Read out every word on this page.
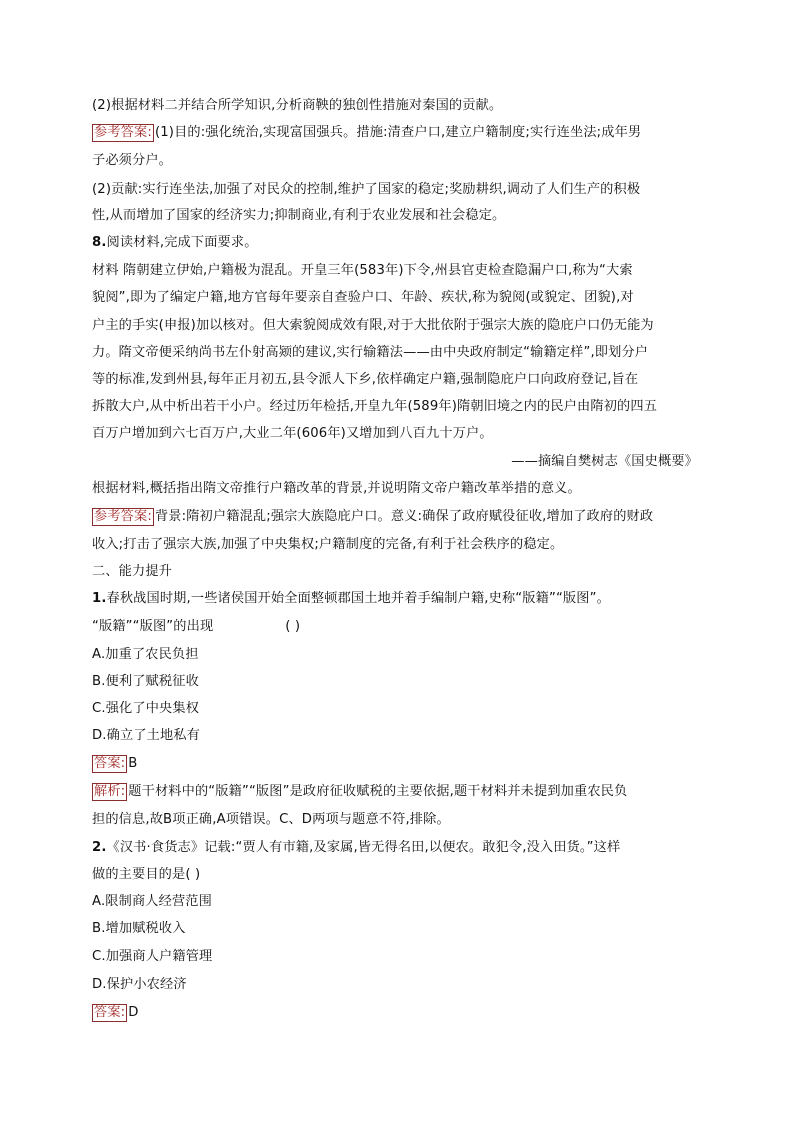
(2)根据材料二并结合所学知识,分析商鞅的独创性措施对秦国的贡献。
参考答案: (1)目的:强化统治,实现富国强兵。措施:清查户口,建立户籍制度;实行连坐法;成年男
子必须分户。
(2)贡献:实行连坐法,加强了对民众的控制,维护了国家的稳定;奖励耕织,调动了人们生产的积极
性,从而增加了国家的经济实力;抑制商业,有利于农业发展和社会稳定。
8.阅读材料,完成下面要求。
材料 隋朝建立伊始,户籍极为混乱。开皇三年(583年)下令,州县官吏检查隐漏户口,称为“大索
貌阅”,即为了编定户籍,地方官每年要亲自查验户口、年龄、疾状,称为貌阅(或貌定、团貌),对
户主的手实(申报)加以核对。但大索貌阅成效有限,对于大批依附于强宗大族的隐庇户口仍无能为
力。隋文帝便采纳尚书左仆射高颎的建议,实行输籍法——由中央政府制定“输籍定样”,即划分户
等的标准,发到州县,每年正月初五,县令派人下乡,依样确定户籍,强制隐庇户口向政府登记,旨在
拆散大户,从中析出若干小户。经过历年检括,开皇九年(589年)隋朝旧境之内的民户由隋初的四五
百万户增加到六七百万户,大业二年(606年)又增加到八百九十万户。
——摘编自樊树志《国史概要》
根据材料,概括指出隋文帝推行户籍改革的背景,并说明隋文帝户籍改革举措的意义。
参考答案: 背景:隋初户籍混乱;强宗大族隐庇户口。意义:确保了政府赋役征收,增加了政府的财政
收入;打击了强宗大族,加强了中央集权;户籍制度的完备,有利于社会秩序的稳定。
二、能力提升
1.春秋战国时期,一些诸侯国开始全面整顿郡国土地并着手编制户籍,史称“版籍”“版图”。
“版籍”“版图”的出现	( )
A.加重了农民负担
B.便利了赋税征收
C.强化了中央集权
D.确立了土地私有
答案: B
解析: 题干材料中的“版籍”“版图”是政府征收赋税的主要依据,题干材料并未提到加重农民负
担的信息,故B项正确,A项错误。C、D两项与题意不符,排除。
2.《汉书·食货志》记载:“贾人有市籍,及家属,皆无得名田,以便农。敢犯令,没入田货。”这样
做的主要目的是( )
A.限制商人经营范围
B.增加赋税收入
C.加强商人户籍管理
D.保护小农经济
答案: D
